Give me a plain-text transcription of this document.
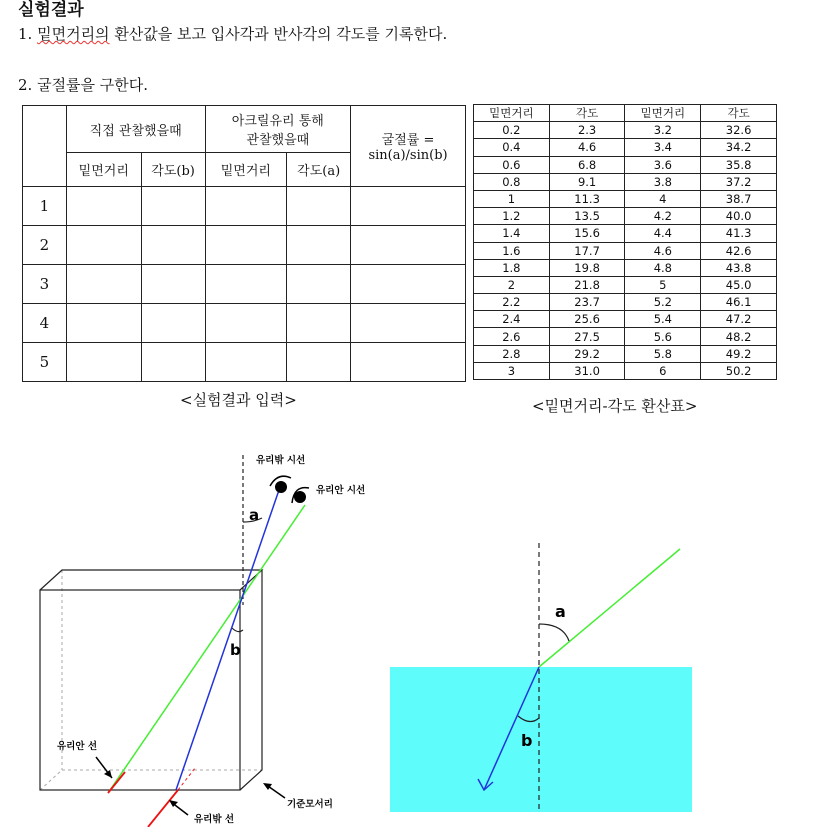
실험결과
1. 밑면거리의 환산값을 보고 입사각과 반사각의 각도를 기록한다.
2. 굴절률을 구한다.
	직접 관찰했을때		아크릴유리 통해
관찰했을때		굴절률 =
sin(a)/sin(b)
	밑면거리	각도(b)	밑면거리	각도(a)	
1					
2					
3					
4					
5					
밑면거리	각도	밑면거리	각도
0.2	2.3	3.2	32.6
0.4	4.6	3.4	34.2
0.6	6.8	3.6	35.8
0.8	9.1	3.8	37.2
1	11.3	4	38.7
1.2	13.5	4.2	40.0
1.4	15.6	4.4	41.3
1.6	17.7	4.6	42.6
1.8	19.8	4.8	43.8
2	21.8	5	45.0
2.2	23.7	5.2	46.1
2.4	25.6	5.4	47.2
2.6	27.5	5.6	48.2
2.8	29.2	5.8	49.2
3	31.0	6	50.2
<실험결과 입력>	<밑면거리-각도 환산표>
유리밖 시선
유리안 시선
a
b
유리안 선
기준모서리
유리밖 선
a
b
